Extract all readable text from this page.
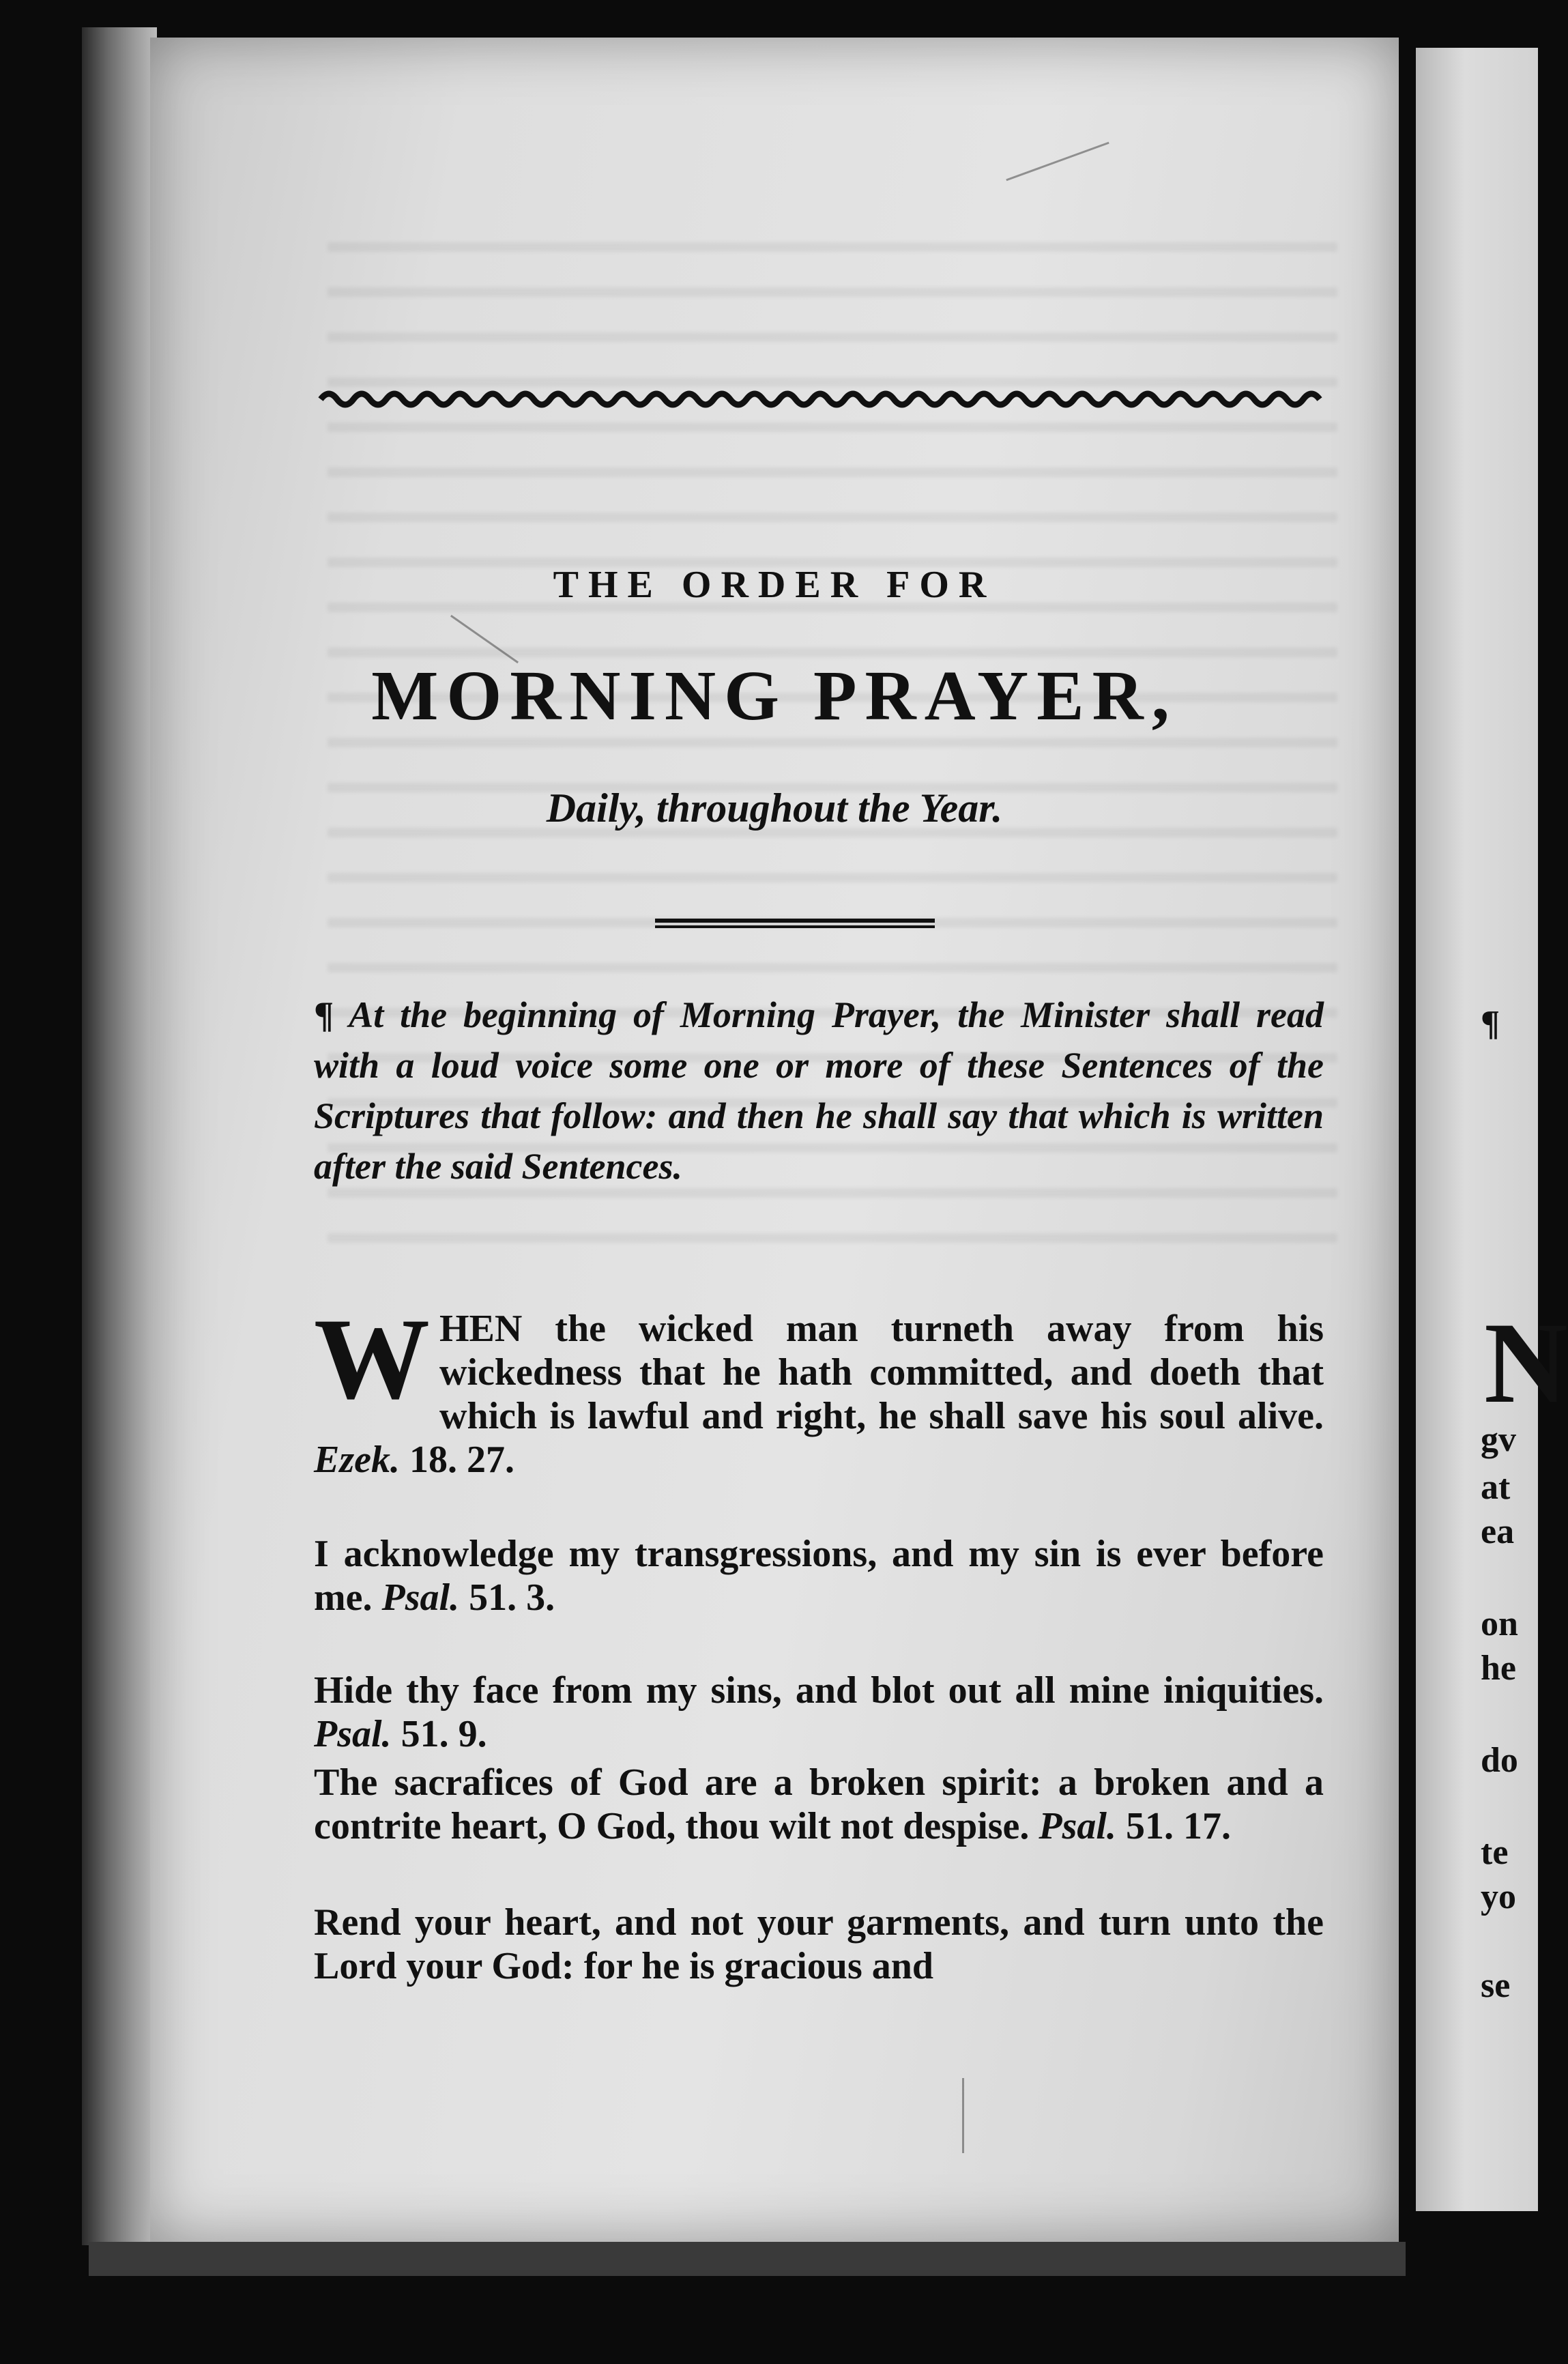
¶
N
gv
at
ea
on
he
do
te
yo
se
THE ORDER FOR
MORNING PRAYER,
Daily, throughout the Year.
¶ At the beginning of Morning Prayer, the Minister shall read with a loud voice some one or more of these Sentences of the Scriptures that follow: and then he shall say that which is written after the said Sentences.
WHEN the wicked man turneth away from his wickedness that he hath committed, and doeth that which is lawful and right, he shall save his soul alive. Ezek. 18. 27.
I acknowledge my transgressions, and my sin is ever before me. Psal. 51. 3.
Hide thy face from my sins, and blot out all mine iniquities. Psal. 51. 9.
The sacrafices of God are a broken spirit: a broken and a contrite heart, O God, thou wilt not despise. Psal. 51. 17.
Rend your heart, and not your garments, and turn unto the Lord your God: for he is gracious and
